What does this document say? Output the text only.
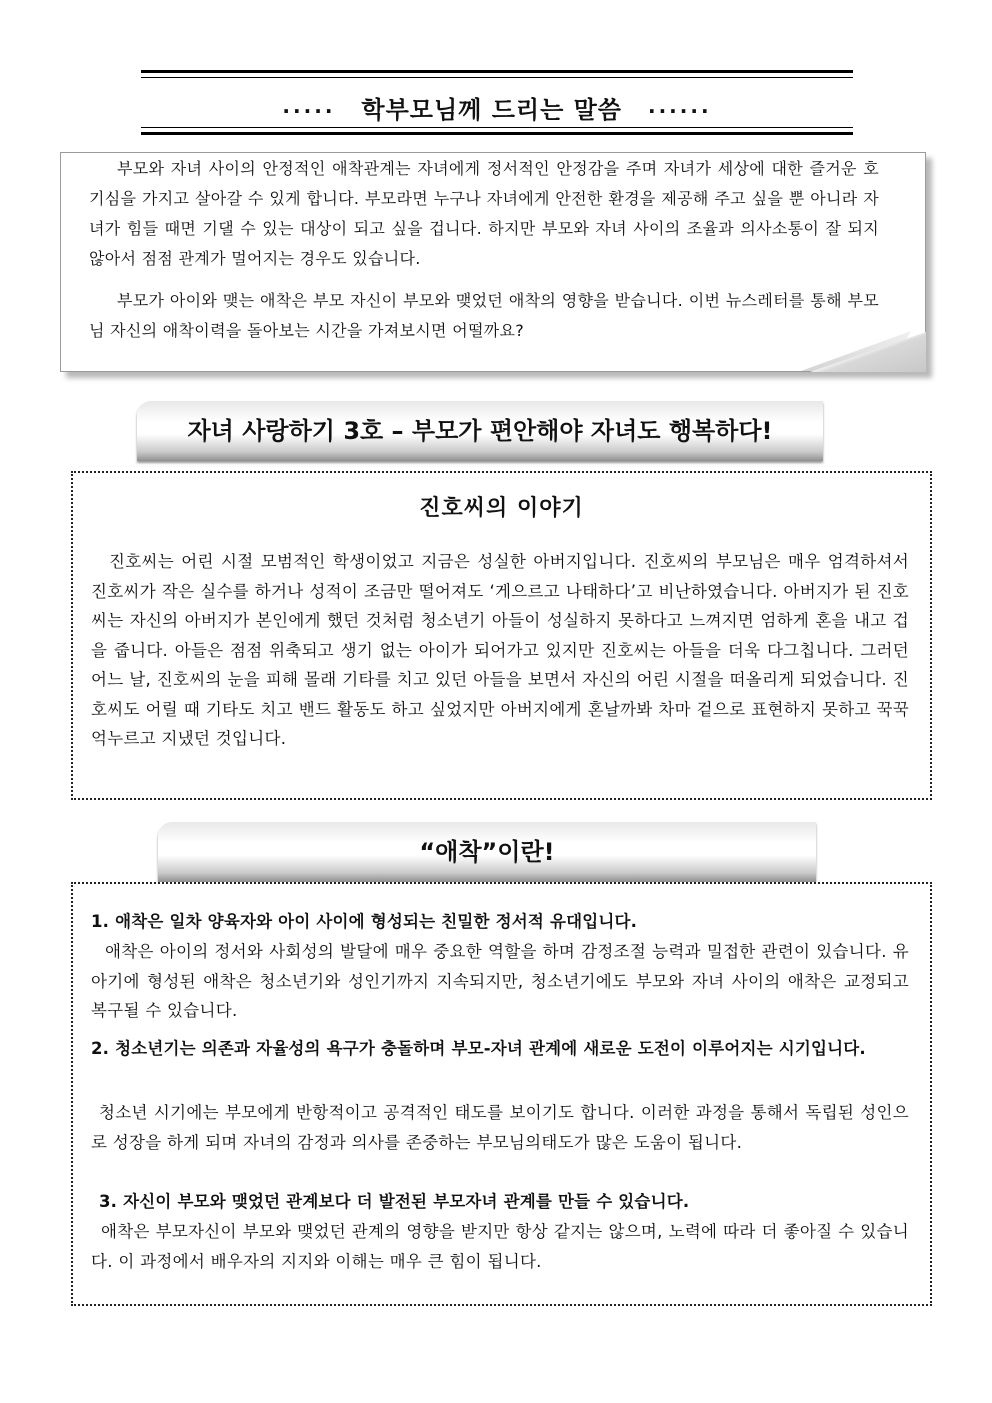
····· 학부모님께 드리는 말씀 ······

부모와 자녀 사이의 안정적인 애착관계는 자녀에게 정서적인 안정감을 주며 자녀가 세상에 대한 즐거운 호기심을 가지고 살아갈 수 있게 합니다. 부모라면 누구나 자녀에게 안전한 환경을 제공해 주고 싶을 뿐 아니라 자녀가 힘들 때면 기댈 수 있는 대상이 되고 싶을 겁니다. 하지만 부모와 자녀 사이의 조율과 의사소통이 잘 되지 않아서 점점 관계가 멀어지는 경우도 있습니다.

부모가 아이와 맺는 애착은 부모 자신이 부모와 맺었던 애착의 영향을 받습니다. 이번 뉴스레터를 통해 부모님 자신의 애착이력을 돌아보는 시간을 가져보시면 어떨까요?

자녀 사랑하기 3호 – 부모가 편안해야 자녀도 행복하다!
진호씨의 이야기

진호씨는 어린 시절 모범적인 학생이었고 지금은 성실한 아버지입니다. 진호씨의 부모님은 매우 엄격하셔서 진호씨가 작은 실수를 하거나 성적이 조금만 떨어져도 ‘게으르고 나태하다’고 비난하였습니다. 아버지가 된 진호씨는 자신의 아버지가 본인에게 했던 것처럼 청소년기 아들이 성실하지 못하다고 느껴지면 엄하게 혼을 내고 겁을 줍니다. 아들은 점점 위축되고 생기 없는 아이가 되어가고 있지만 진호씨는 아들을 더욱 다그칩니다. 그러던 어느 날, 진호씨의 눈을 피해 몰래 기타를 치고 있던 아들을 보면서 자신의 어린 시절을 떠올리게 되었습니다. 진호씨도 어릴 때 기타도 치고 밴드 활동도 하고 싶었지만 아버지에게 혼날까봐 차마 겉으로 표현하지 못하고 꾹꾹 억누르고 지냈던 것입니다.

“애착”이란!

1. 애착은 일차 양육자와 아이 사이에 형성되는 친밀한 정서적 유대입니다.

애착은 아이의 정서와 사회성의 발달에 매우 중요한 역할을 하며 감정조절 능력과 밀접한 관련이 있습니다. 유아기에 형성된 애착은 청소년기와 성인기까지 지속되지만, 청소년기에도 부모와 자녀 사이의 애착은 교정되고 복구될 수 있습니다.

2. 청소년기는 의존과 자율성의 욕구가 충돌하며 부모-자녀 관계에 새로운 도전이 이루어지는 시기입니다.

청소년 시기에는 부모에게 반항적이고 공격적인 태도를 보이기도 합니다. 이러한 과정을 통해서 독립된 성인으로 성장을 하게 되며 자녀의 감정과 의사를 존중하는 부모님의태도가 많은 도움이 됩니다.

3. 자신이 부모와 맺었던 관계보다 더 발전된 부모자녀 관계를 만들 수 있습니다.

애착은 부모자신이 부모와 맺었던 관계의 영향을 받지만 항상 같지는 않으며, 노력에 따라 더 좋아질 수 있습니다. 이 과정에서 배우자의 지지와 이해는 매우 큰 힘이 됩니다.
